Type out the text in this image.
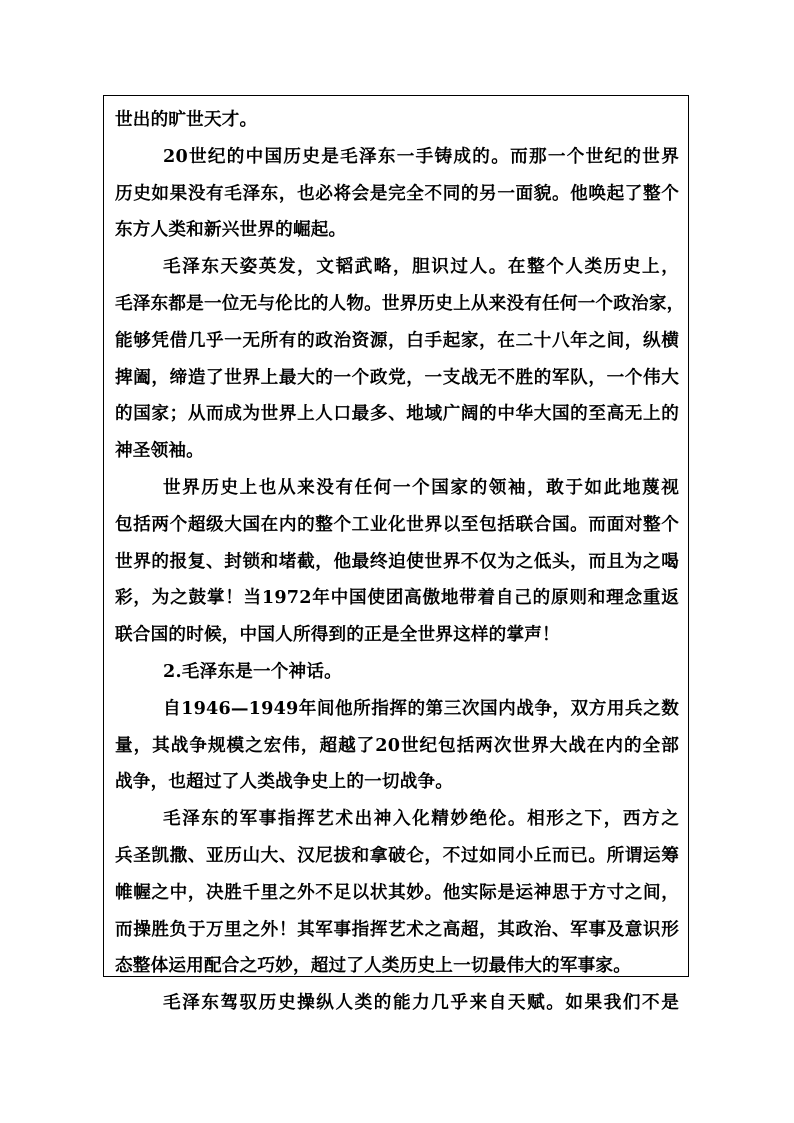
世出的旷世天才。
20世纪的中国历史是毛泽东一手铸成的。而那一个世纪的世界
历史如果没有毛泽东，也必将会是完全不同的另一面貌。他唤起了整个
东方人类和新兴世界的崛起。
毛泽东天姿英发，文韬武略，胆识过人。在整个人类历史上，
毛泽东都是一位无与伦比的人物。世界历史上从来没有任何一个政治家，
能够凭借几乎一无所有的政治资源，白手起家，在二十八年之间，纵横
捭阖，缔造了世界上最大的一个政党，一支战无不胜的军队，一个伟大
的国家；从而成为世界上人口最多、地域广阔的中华大国的至高无上的
神圣领袖。
世界历史上也从来没有任何一个国家的领袖，敢于如此地蔑视
包括两个超级大国在内的整个工业化世界以至包括联合国。而面对整个
世界的报复、封锁和堵截，他最终迫使世界不仅为之低头，而且为之喝
彩，为之鼓掌！当1972年中国使团高傲地带着自己的原则和理念重返
联合国的时候，中国人所得到的正是全世界这样的掌声！
2.毛泽东是一个神话。
自1946—1949年间他所指挥的第三次国内战争，双方用兵之数
量，其战争规模之宏伟，超越了20世纪包括两次世界大战在内的全部
战争，也超过了人类战争史上的一切战争。
毛泽东的军事指挥艺术出神入化精妙绝伦。相形之下，西方之
兵圣凯撒、亚历山大、汉尼拔和拿破仑，不过如同小丘而已。所谓运筹
帷幄之中，决胜千里之外不足以状其妙。他实际是运神思于方寸之间，
而操胜负于万里之外！其军事指挥艺术之高超，其政治、军事及意识形
态整体运用配合之巧妙，超过了人类历史上一切最伟大的军事家。
毛泽东驾驭历史操纵人类的能力几乎来自天赋。如果我们不是
